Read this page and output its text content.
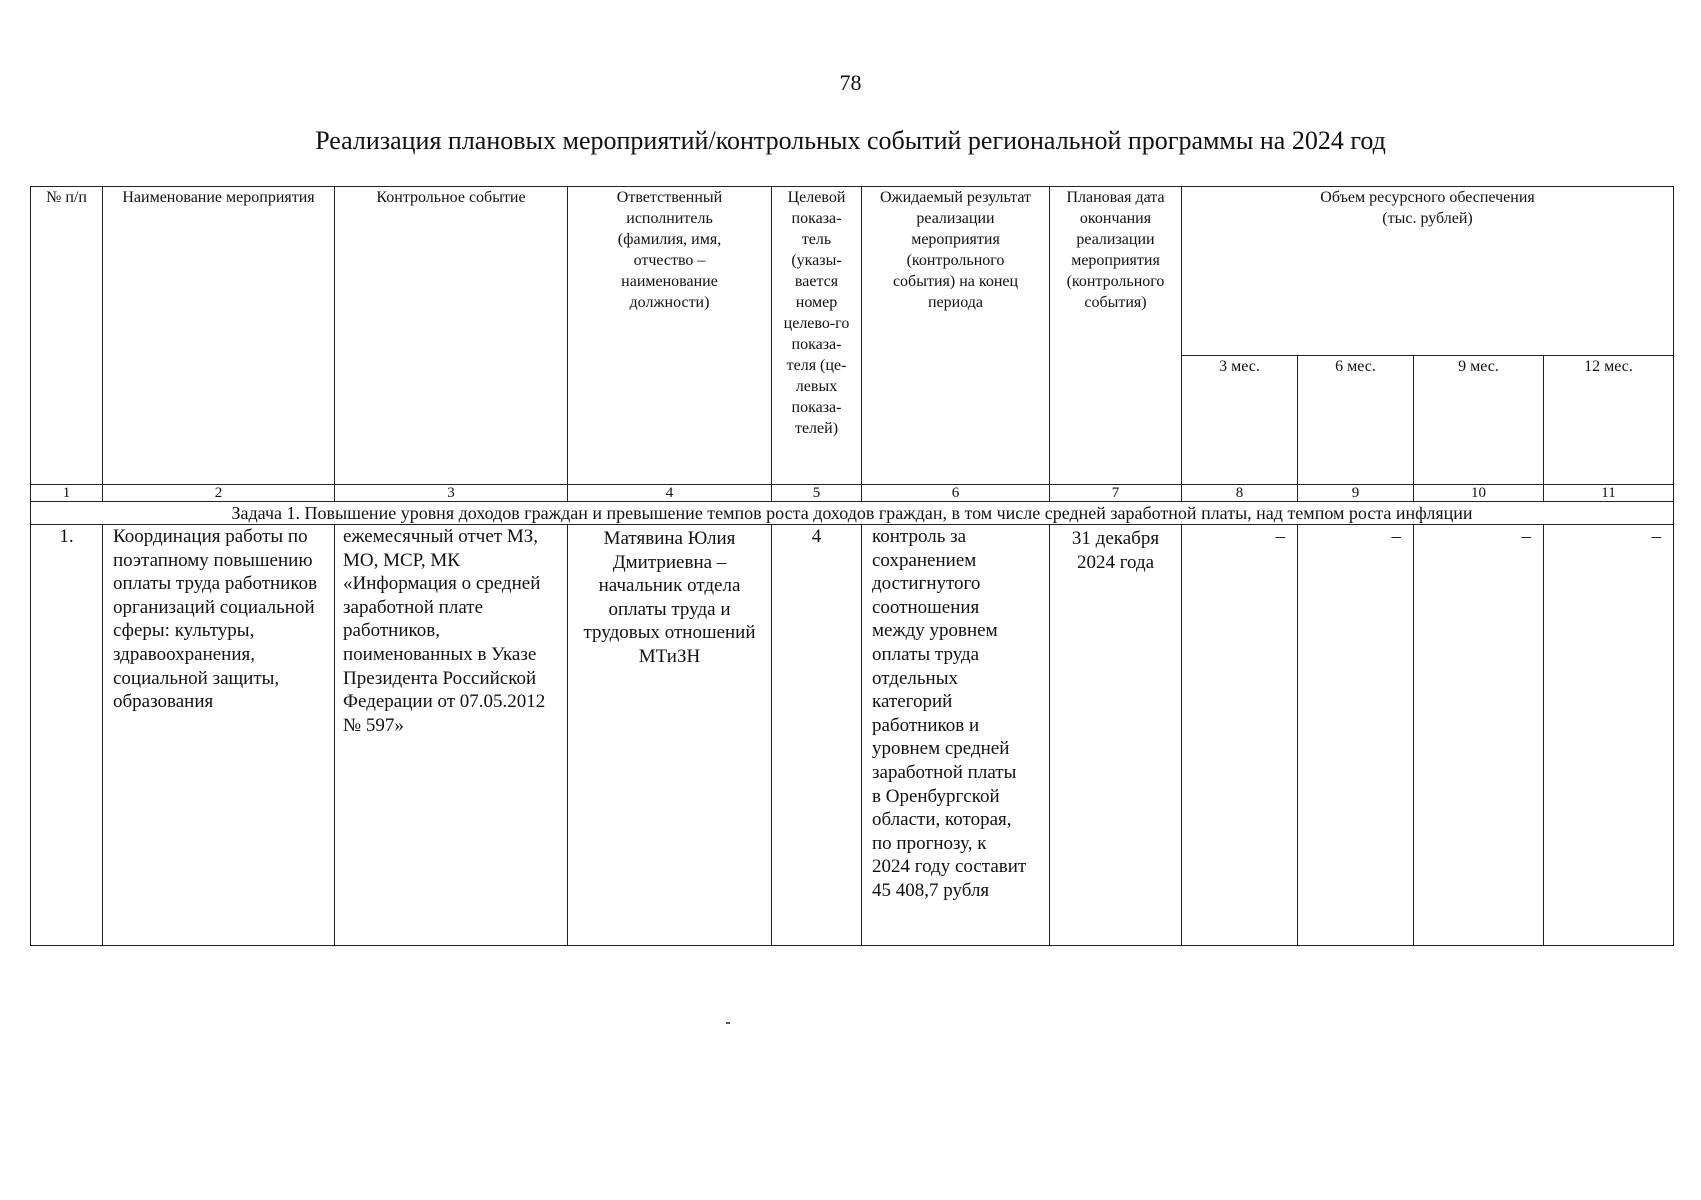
78
Реализация плановых мероприятий/контрольных событий региональной программы на 2024 год
№ п/п	Наименование мероприятия	Контрольное событие	Ответственный исполнитель (фамилия, имя, отчество – наименование должности)	Целевой показа-тель (указы-вается номер целево-го показа-теля (це-левых показа-телей)	Ожидаемый результат реализации мероприятия (контрольного события) на конец периода	Плановая дата окончания реализации мероприятия (контрольного события)	Объем ресурсного обеспечения (тыс. рублей)			
							3 мес.	6 мес.	9 мес.	12 мес.
1	2	3	4	5	6	7	8	9	10	11
Задача 1. Повышение уровня доходов граждан и превышение темпов роста доходов граждан, в том числе средней заработной платы, над темпом роста инфляции										
1.	Координация работы по поэтапному повышению оплаты труда работников организаций социальной сферы: культуры, здравоохранения, социальной защиты, образования	ежемесячный отчет МЗ, МО, МСР, МК «Информация о средней заработной плате работников, поименованных в Указе Президента Российской Федерации от 07.05.2012 № 597»	Матявина Юлия Дмитриевна – начальник отдела оплаты труда и трудовых отношений МТиЗН	4	контроль за сохранением достигнутого соотношения между уровнем оплаты труда отдельных категорий работников и уровнем средней заработной платы в Оренбургской области, которая, по прогнозу, к 2024 году составит 45 408,7 рубля	31 декабря 2024 года	–	–	–	–
